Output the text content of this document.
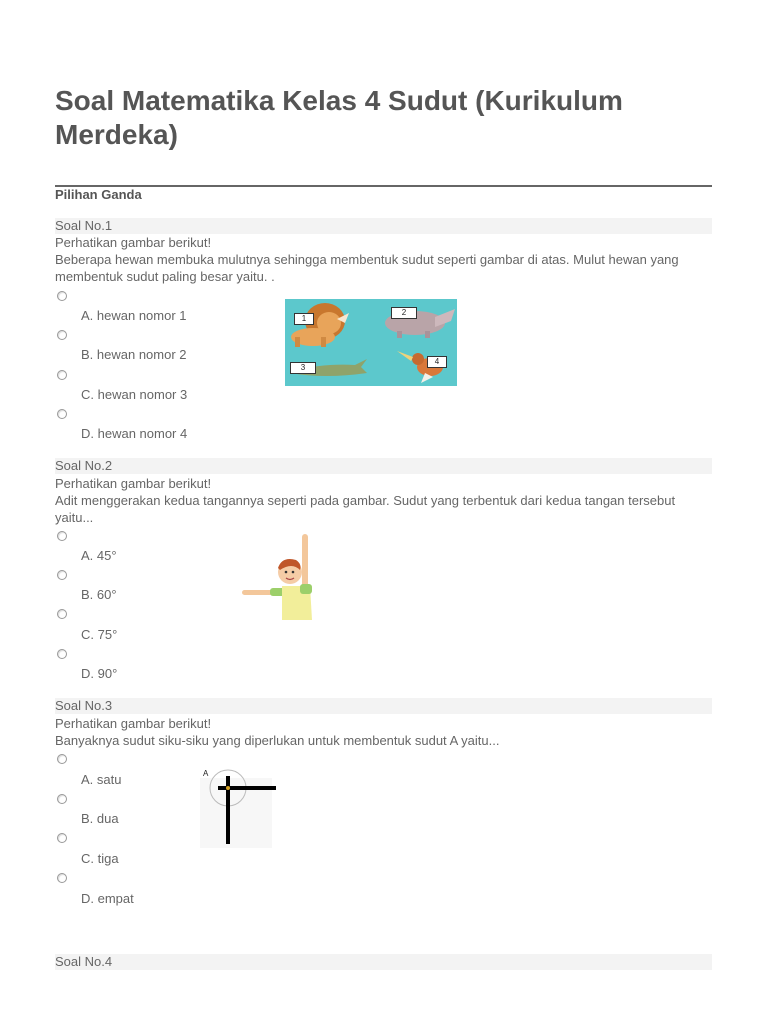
Soal Matematika Kelas 4 Sudut (Kurikulum Merdeka)
Pilihan Ganda
Soal No.1
Perhatikan gambar berikut!
Beberapa hewan membuka mulutnya sehingga membentuk sudut seperti gambar di atas. Mulut hewan yang membentuk sudut paling besar yaitu. .
A. hewan nomor 1
B. hewan nomor 2
C. hewan nomor 3
D. hewan nomor 4
1
2
3
4
Soal No.2
Perhatikan gambar berikut!
Adit menggerakan kedua tangannya seperti pada gambar. Sudut yang terbentuk dari kedua tangan tersebut yaitu...
A. 45°
B. 60°
C. 75°
D. 90°
Soal No.3
Perhatikan gambar berikut!
Banyaknya sudut siku-siku yang diperlukan untuk membentuk sudut A yaitu...
A. satu
B. dua
C. tiga
D. empat
A
Soal No.4
